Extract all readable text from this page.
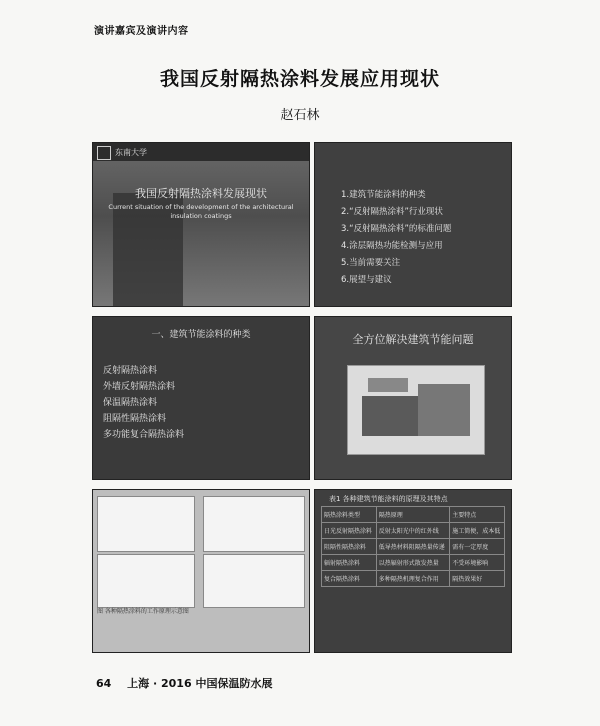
演讲嘉宾及演讲内容
我国反射隔热涂料发展应用现状
赵石林
东南大学
我国反射隔热涂料发展现状
Current situation of the development of the architectural insulation coatings
1.建筑节能涂料的种类
2.“反射隔热涂料”行业现状
3.“反射隔热涂料”的标准问题
4.涂层隔热功能检测与应用
5.当前需要关注
6.展望与建议
一、建筑节能涂料的种类
反射隔热涂料
外墙反射隔热涂料
保温隔热涂料
阻隔性隔热涂料
多功能复合隔热涂料
全方位解决建筑节能问题
图 各种隔热涂料的工作原理示意图
表1 各种建筑节能涂料的原理及其特点
隔热涂料类型	隔热原理	主要特点
日光反射隔热涂料	反射太阳光中的红外线	施工简便，成本低
阻隔性隔热涂料	低导热材料阻隔热量传递	需有一定厚度
辐射隔热涂料	以热辐射形式散发热量	不受环境影响
复合隔热涂料	多种隔热机理复合作用	隔热效果好
64 上海 · 2016 中国保温防水展
